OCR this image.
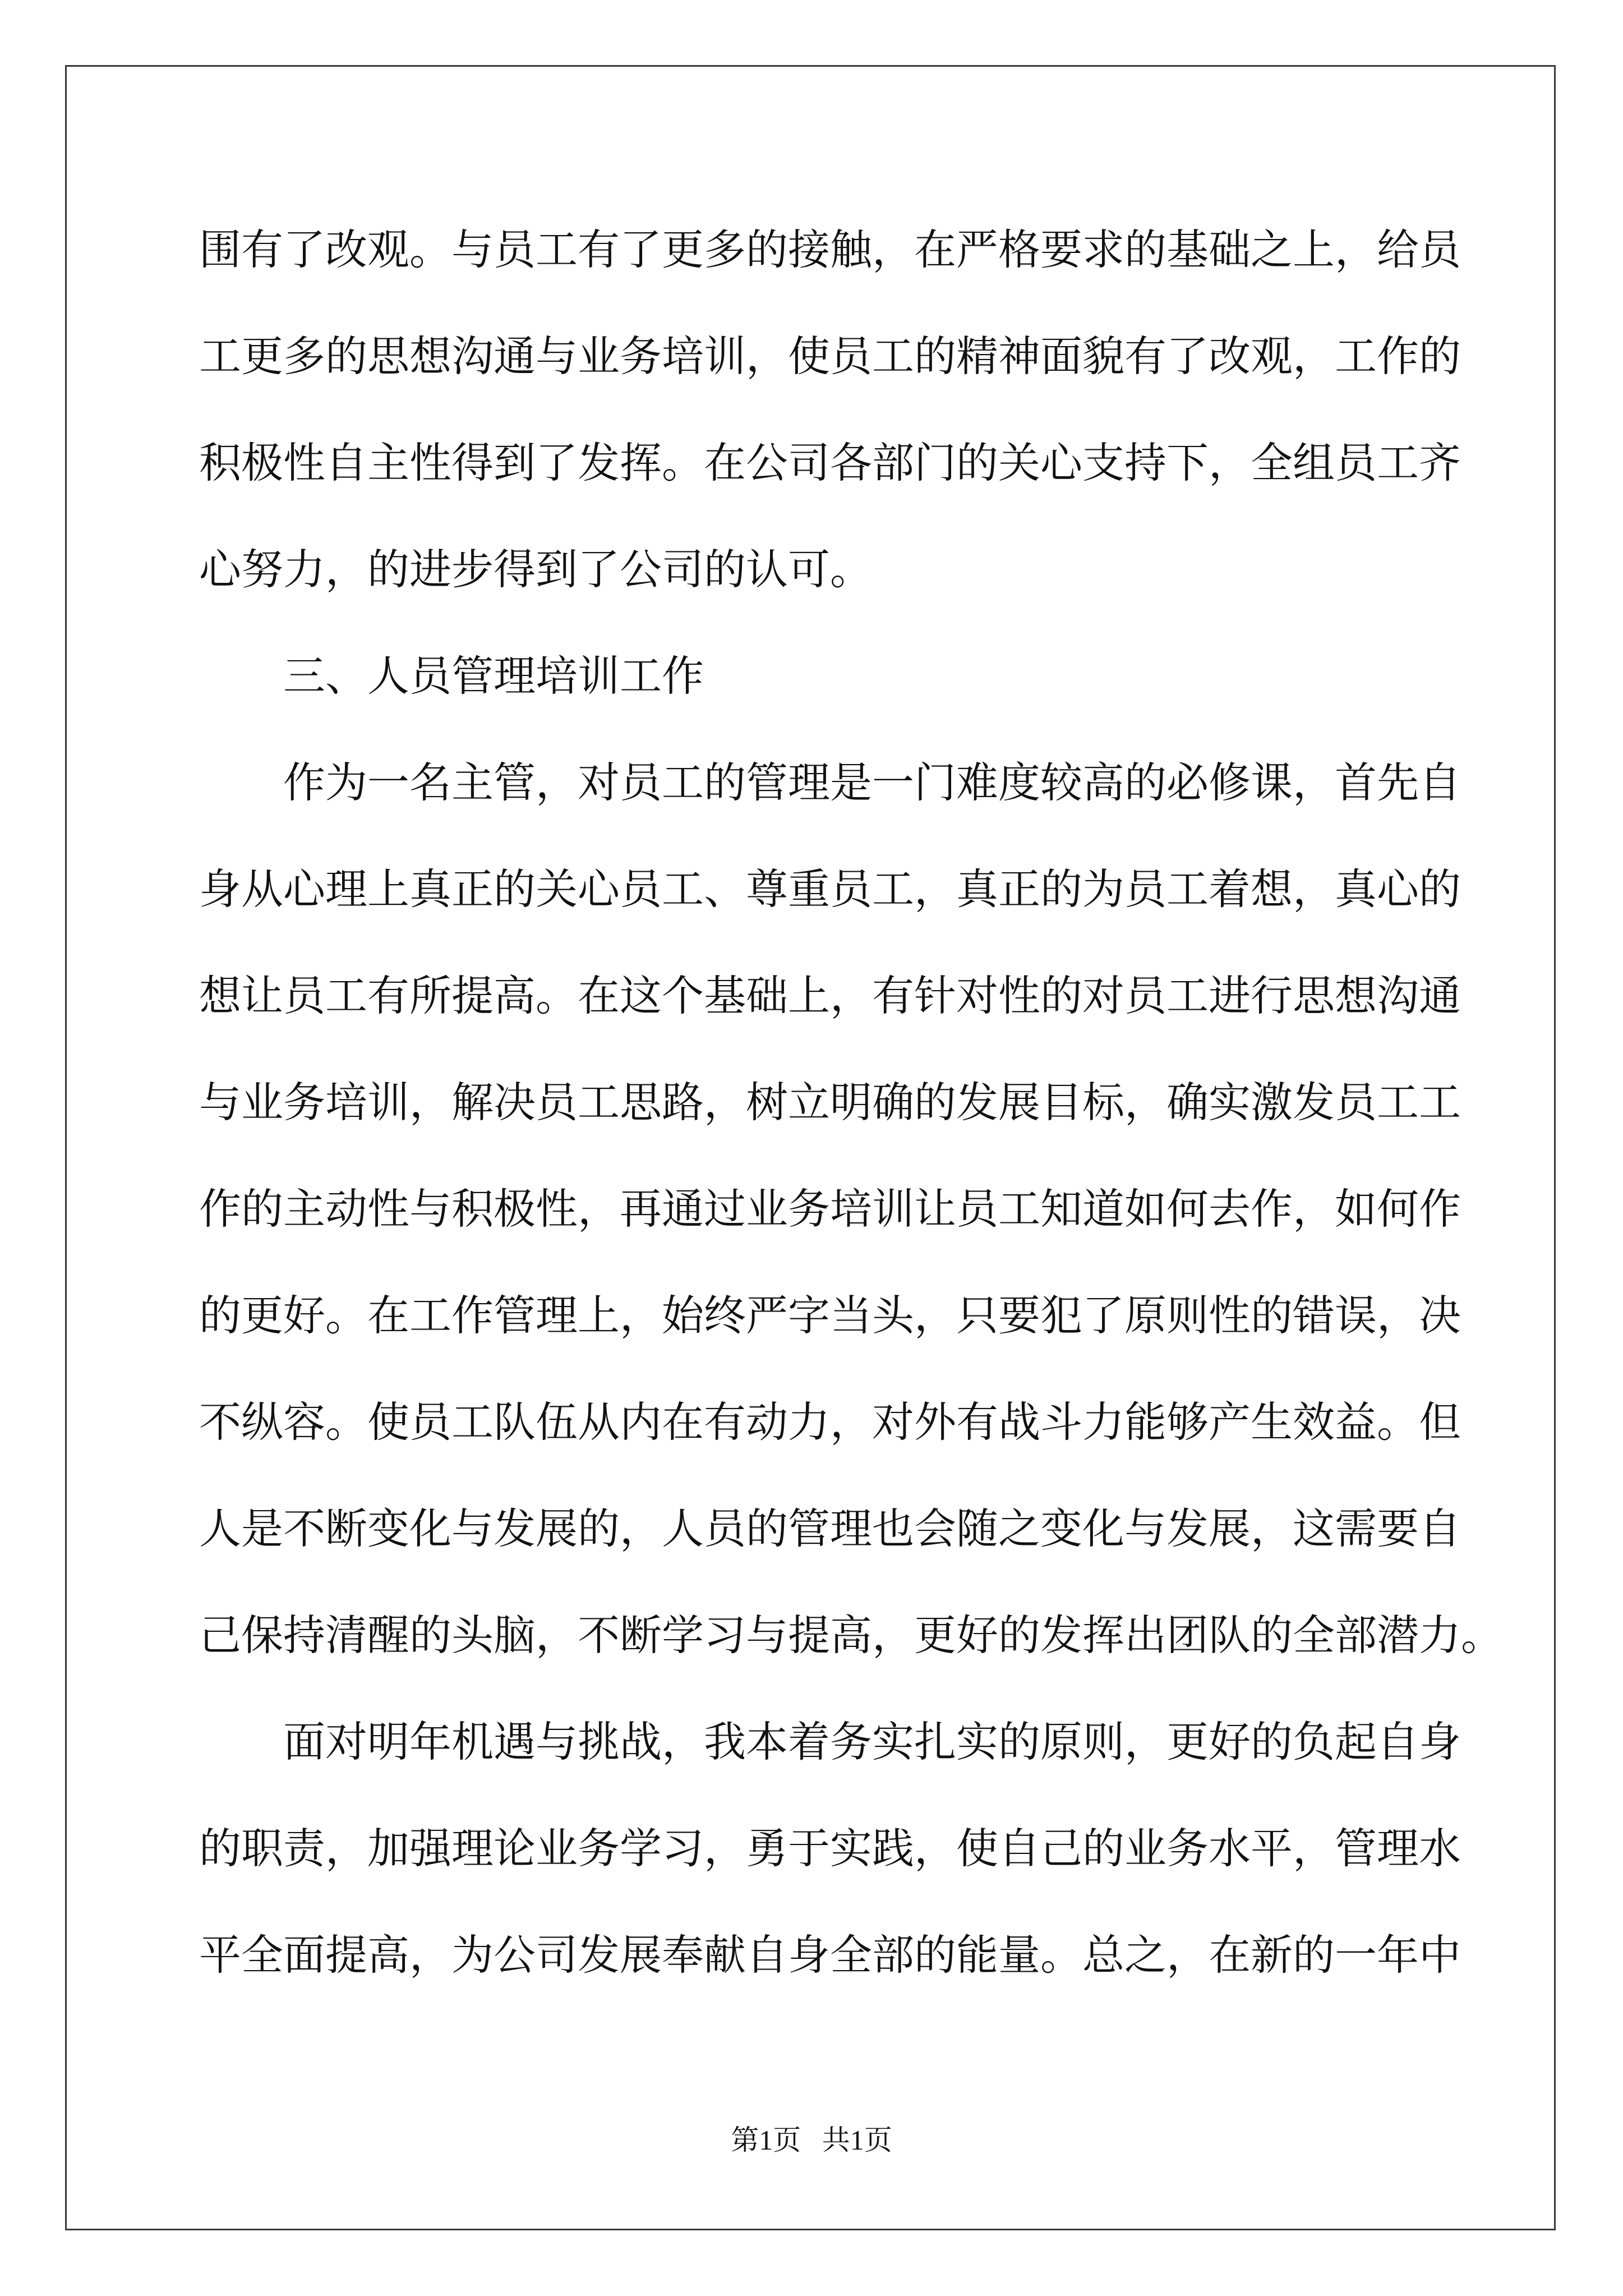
围有了改观。与员工有了更多的接触，在严格要求的基础之上，给员

工更多的思想沟通与业务培训，使员工的精神面貌有了改观，工作的

积极性自主性得到了发挥。在公司各部门的关心支持下，全组员工齐

心努力，的进步得到了公司的认可。

三、人员管理培训工作

作为一名主管，对员工的管理是一门难度较高的必修课，首先自

身从心理上真正的关心员工、尊重员工，真正的为员工着想，真心的

想让员工有所提高。在这个基础上，有针对性的对员工进行思想沟通

与业务培训，解决员工思路，树立明确的发展目标，确实激发员工工

作的主动性与积极性，再通过业务培训让员工知道如何去作，如何作

的更好。在工作管理上，始终严字当头，只要犯了原则性的错误，决

不纵容。使员工队伍从内在有动力，对外有战斗力能够产生效益。但

人是不断变化与发展的，人员的管理也会随之变化与发展，这需要自

己保持清醒的头脑，不断学习与提高，更好的发挥出团队的全部潜力。

面对明年机遇与挑战，我本着务实扎实的原则，更好的负起自身

的职责，加强理论业务学习，勇于实践，使自己的业务水平，管理水

平全面提高，为公司发展奉献自身全部的能量。总之，在新的一年中

第1页 共1页
